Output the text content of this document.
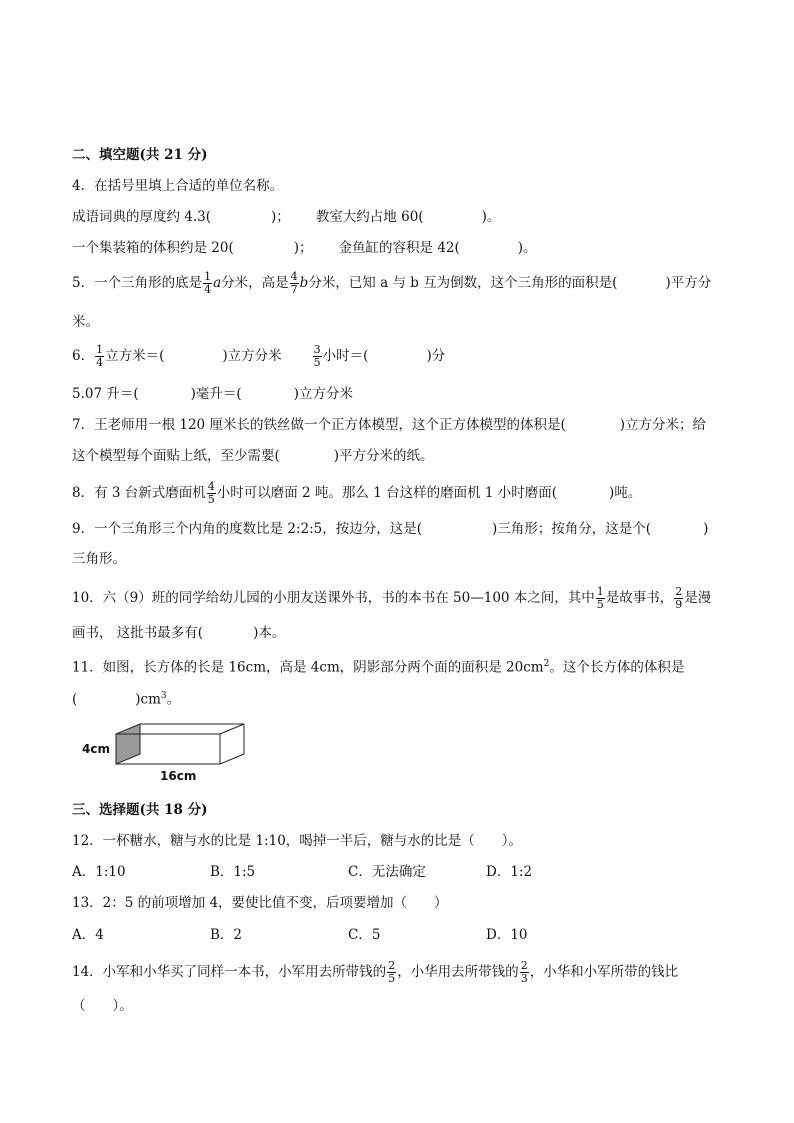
二、填空题(共 21 分)
4．在括号里填上合适的单位名称。
成语词典的厚度约 4.3(	)； 教室大约占地 60(	)。
一个集装箱的体积约是 20(	)； 金鱼缸的容积是 42(	)。
5．一个三角形的底是 $\frac{1}{4}$ a分米，高是 $\frac{4}{7}$ b分米，已知 a 与 b 互为倒数，这个三角形的面积是(	)平方分
米。
6． $\frac{1}{4}$ 立方米＝(	)立方分米	$\frac{3}{5}$ 小时＝(	)分
5.07 升＝(	)毫升＝(	)立方分米
7．王老师用一根 120 厘米长的铁丝做一个正方体模型，这个正方体模型的体积是(	)立方分米；给
这个模型每个面贴上纸，至少需要(	)平方分米的纸。
8．有 3 台新式磨面机 $\frac{4}{5}$ 小时可以磨面 2 吨。那么 1 台这样的磨面机 1 小时磨面(	)吨。
9．一个三角形三个内角的度数比是 2:2:5，按边分，这是(	)三角形；按角分，这是个(	)
三角形。
10．六（9）班的同学给幼儿园的小朋友送课外书，书的本书在 50—100 本之间，其中 $\frac{1}{5}$ 是故事书， $\frac{2}{9}$ 是漫
画书， 这批书最多有(	)本。
11．如图，长方体的长是 16cm，高是 4cm，阴影部分两个面的面积是 $20cm^2$。这个长方体的体积是
(	)$cm^3$。
4cm
16cm
三、选择题(共 18 分)
12．一杯糖水，糖与水的比是 1:10，喝掉一半后，糖与水的比是（　　）。
A．1:10	B．1:5	C．无法确定	D．1:2
13．2：5 的前项增加 4，要使比值不变，后项要增加（　　）
A．4	B．2	C．5	D．10
14．小军和小华买了同样一本书，小军用去所带钱的 $\frac{2}{5}$ ，小华用去所带钱的 $\frac{2}{3}$ ，小华和小军所带的钱比
（　　）。
